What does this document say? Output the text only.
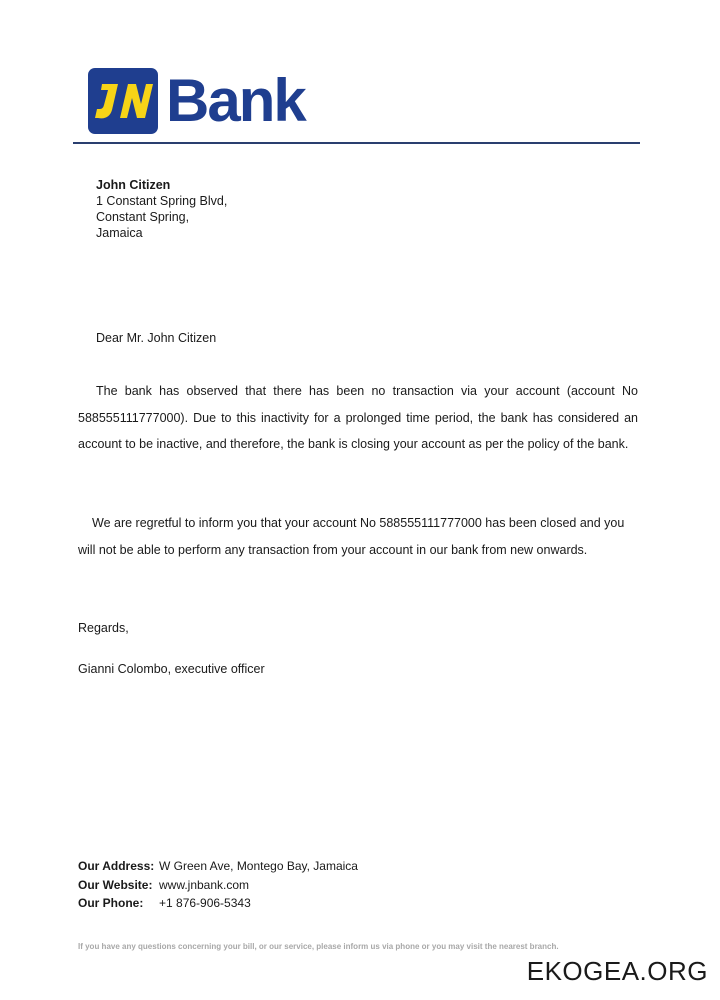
Bank
John Citizen
1 Constant Spring Blvd,
Constant Spring,
Jamaica
Dear Mr. John Citizen
The bank has observed that there has been no transaction via your account (account No 588555111777000). Due to this inactivity for a prolonged time period, the bank has considered an account to be inactive, and therefore, the bank is closing your account as per the policy of the bank.
We are regretful to inform you that your account No 588555111777000 has been closed and you will not be able to perform any transaction from your account in our bank from new onwards.
Regards,
Gianni Colombo, executive officer
Our Address: W Green Ave, Montego Bay, Jamaica
Our Website: www.jnbank.com
Our Phone:	+1 876-906-5343
If you have any questions concerning your bill, or our service, please inform us via phone or you may visit the nearest branch.
EKOGEA.ORG
